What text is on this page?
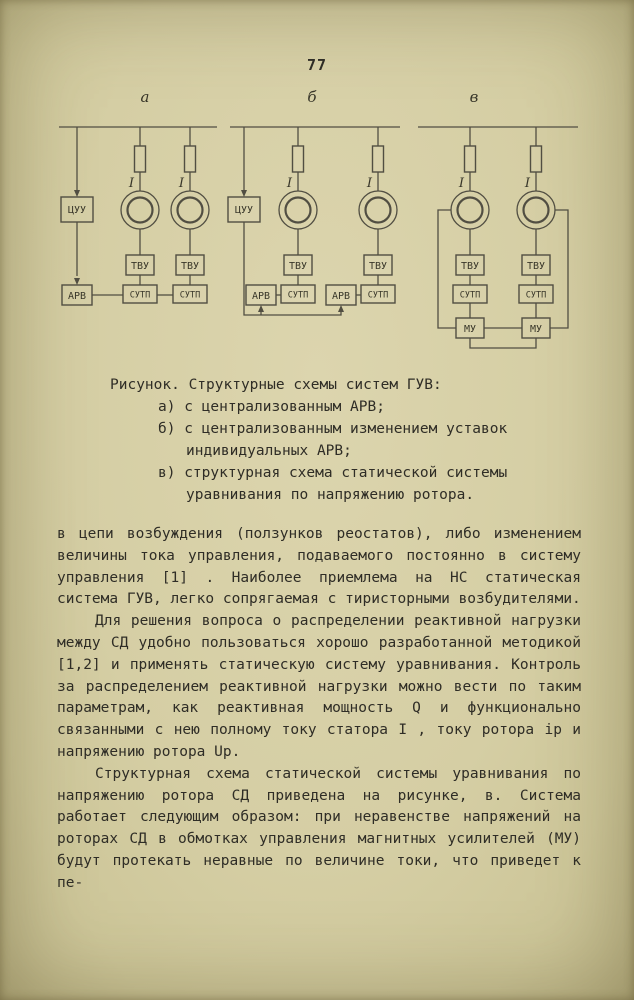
77
а
ЦУУ
АРВ
I
ТВУ
СУТП
I
ТВУ
СУТП
б
ЦУУ
АРВ	АРВ
I
ТВУ
СУТП
I
ТВУ
СУТП
в
I
ТВУ
СУТП
МУ
I
ТВУ
СУТП
МУ
Рисунок. Структурные схемы систем ГУВ:
а) с централизованным АРВ;
б) с централизованным изменением уставок
индивидуальных АРВ;
в) структурная схема статической системы
уравнивания по напряжению ротора.

в цепи возбуждения (ползунков реостатов), либо изменением величины тока управления, подаваемого постоянно в систему управления [1] . Наиболее приемлема на НС статическая система ГУВ, легко сопрягаемая с тиристорными возбудителями.

Для решения вопроса о распределении реактивной нагрузки между СД удобно пользоваться хорошо разработанной методикой [1,2] и применять статическую систему уравнивания. Контроль за распределением реактивной нагрузки можно вести по таким параметрам, как реактивная мощность Q и функционально связанными с нею полному току статора I , току ротора iр и напряжению ротора Uр.

Структурная схема статической системы уравнивания по напряжению ротора СД приведена на рисунке, в. Система работает следующим образом: при неравенстве напряжений на роторах СД в обмотках управления магнитных усилителей (МУ) будут протекать неравные по величине токи, что приведет к пе-
